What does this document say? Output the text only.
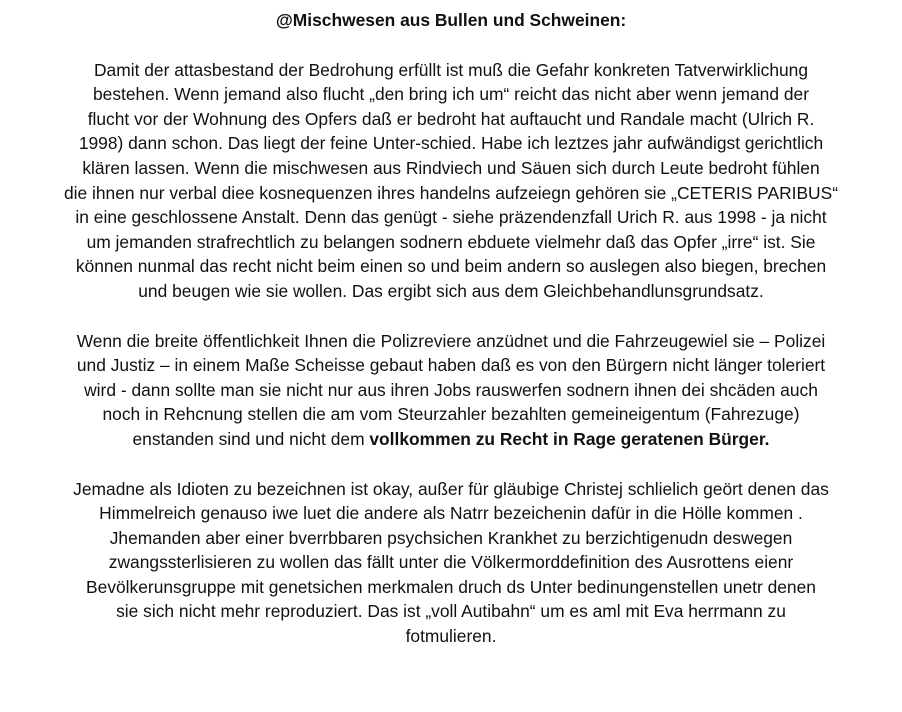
@Mischwesen aus Bullen und Schweinen:
Damit der attasbestand der Bedrohung erfüllt ist muß die Gefahr konkreten Tatverwirklichung
bestehen. Wenn jemand also flucht „den bring ich um“ reicht das nicht aber wenn jemand der
flucht vor der Wohnung des Opfers daß er bedroht hat auftaucht und Randale macht (Ulrich R.
1998) dann schon. Das liegt der feine Unter-schied. Habe ich leztzes jahr aufwändigst gerichtlich
klären lassen. Wenn die mischwesen aus Rindviech und Säuen sich durch Leute bedroht fühlen
die ihnen nur verbal diee kosnequenzen ihres handelns aufzeiegn gehören sie „CETERIS PARIBUS“
in eine geschlossene Anstalt. Denn das genügt - siehe präzendenzfall Urich R. aus 1998 - ja nicht
um jemanden strafrechtlich zu belangen sodnern ebduete vielmehr daß das Opfer „irre“ ist. Sie
können nunmal das recht nicht beim einen so und beim andern so auslegen also biegen, brechen
und beugen wie sie wollen. Das ergibt sich aus dem Gleichbehandlunsgrundsatz.
Wenn die breite öffentlichkeit Ihnen die Polizreviere anzüdnet und die Fahrzeugewiel sie – Polizei
und Justiz – in einem Maße Scheisse gebaut haben daß es von den Bürgern nicht länger toleriert
wird - dann sollte man sie nicht nur aus ihren Jobs rauswerfen sodnern ihnen dei shcäden auch
noch in Rehcnung stellen die am vom Steurzahler bezahlten gemeineigentum (Fahrezuge)
enstanden sind und nicht dem vollkommen zu Recht in Rage geratenen Bürger.
Jemadne als Idioten zu bezeichnen ist okay, außer für gläubige Christej schlielich geört denen das
Himmelreich genauso iwe luet die andere als Natrr bezeichenin dafür in die Hölle kommen .
Jhemanden aber einer bverrbbaren psychsichen Krankhet zu berzichtigenudn deswegen
zwangssterlisieren zu wollen das fällt unter die Völkermorddefinition des Ausrottens eienr
Bevölkerunsgruppe mit genetsichen merkmalen druch ds Unter bedinungenstellen unetr denen
sie sich nicht mehr reproduziert. Das ist „voll Autibahn“ um es aml mit Eva herrmann zu
fotmulieren.
